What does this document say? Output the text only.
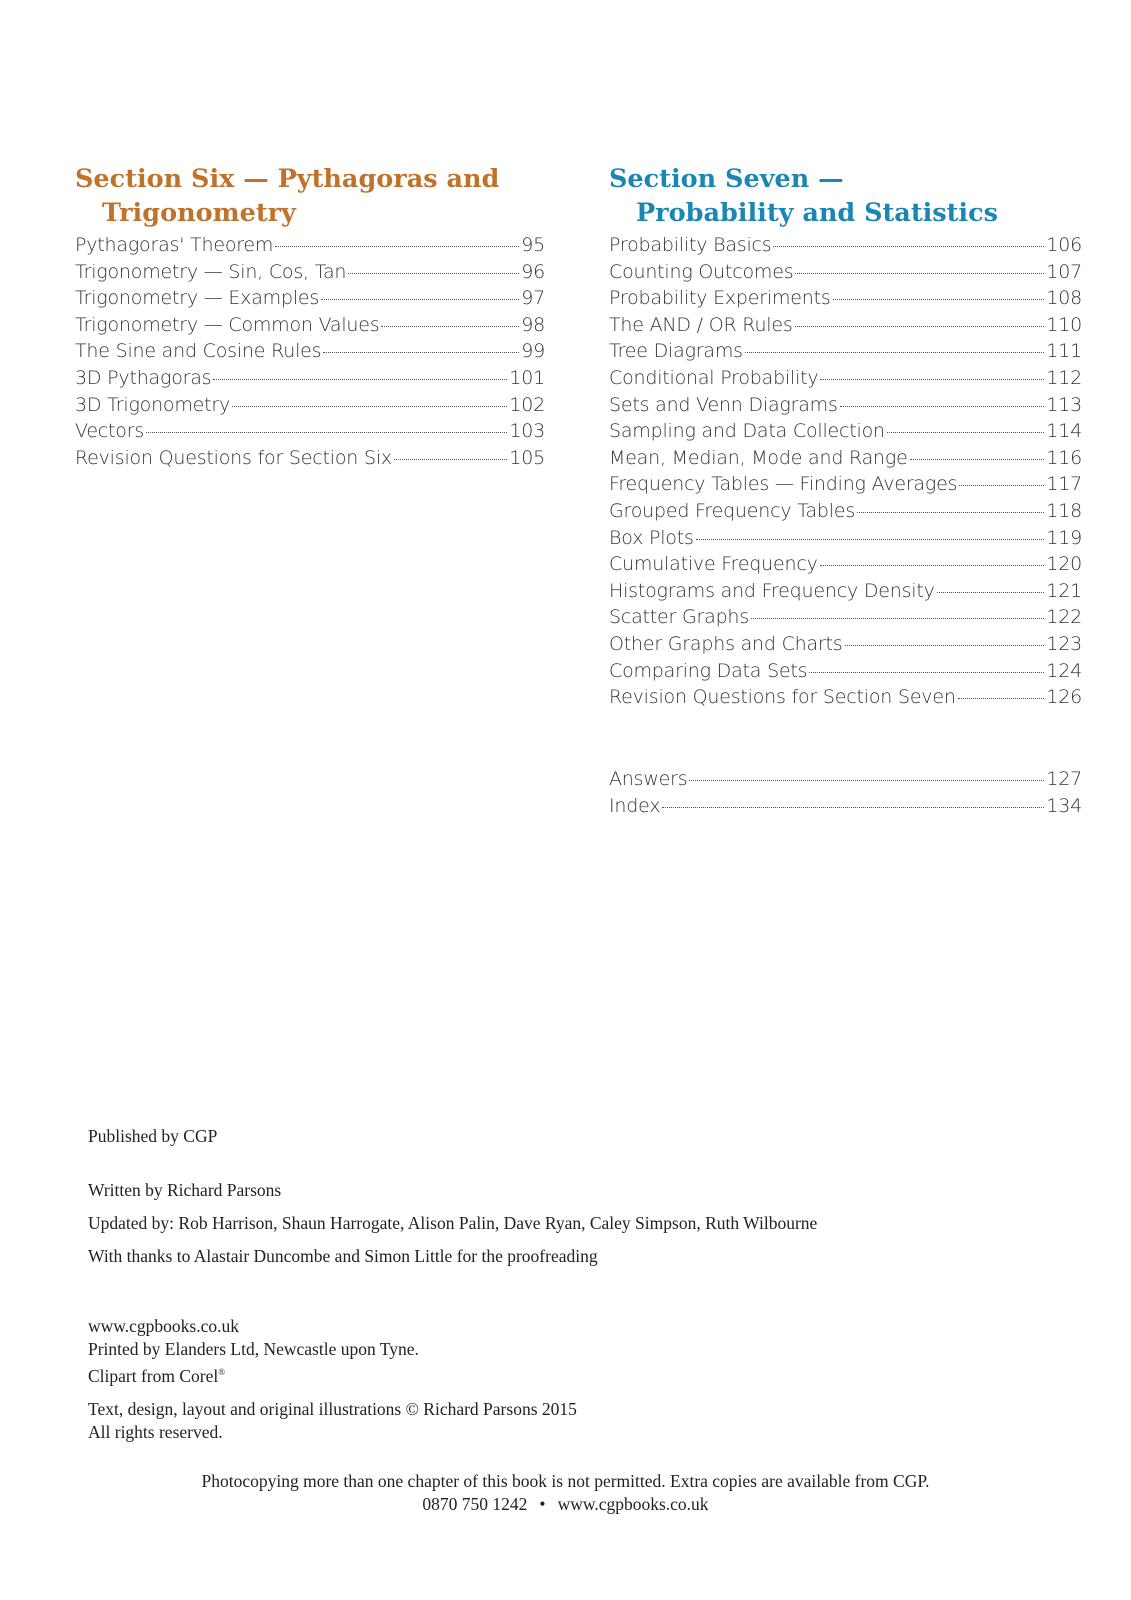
Section Six — Pythagoras and
Trigonometry
Pythagoras' Theorem	95
Trigonometry — Sin, Cos, Tan	96
Trigonometry — Examples	97
Trigonometry — Common Values	98
The Sine and Cosine Rules	99
3D Pythagoras	101
3D Trigonometry	102
Vectors	103
Revision Questions for Section Six	105
Section Seven —
Probability and Statistics
Probability Basics	106
Counting Outcomes	107
Probability Experiments	108
The AND / OR Rules	110
Tree Diagrams	111
Conditional Probability	112
Sets and Venn Diagrams	113
Sampling and Data Collection	114
Mean, Median, Mode and Range	116
Frequency Tables — Finding Averages	117
Grouped Frequency Tables	118
Box Plots	119
Cumulative Frequency	120
Histograms and Frequency Density	121
Scatter Graphs	122
Other Graphs and Charts	123
Comparing Data Sets	124
Revision Questions for Section Seven	126
Answers	127
Index	134

Published by CGP

Written by Richard Parsons

Updated by: Rob Harrison, Shaun Harrogate, Alison Palin, Dave Ryan, Caley Simpson, Ruth Wilbourne

With thanks to Alastair Duncombe and Simon Little for the proofreading

www.cgpbooks.co.uk

Printed by Elanders Ltd, Newcastle upon Tyne.

Clipart from Corel®

Text, design, layout and original illustrations © Richard Parsons 2015

All rights reserved.

Photocopying more than one chapter of this book is not permitted. Extra copies are available from CGP.

0870 750 1242 • www.cgpbooks.co.uk
